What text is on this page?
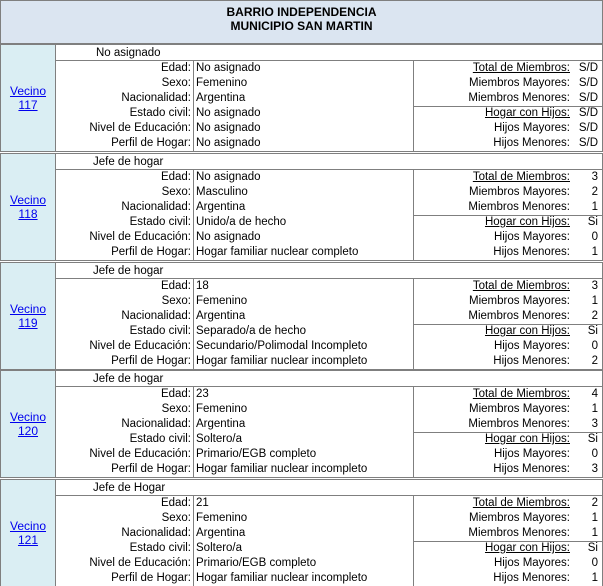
BARRIO INDEPENDENCIA
MUNICIPIO SAN MARTIN
Vecino
117
No asignado
Edad: No asignado
Sexo: Femenino
Nacionalidad: Argentina
Estado civil: No asignado
Nivel de Educación: No asignado
Perfil de Hogar: No asignado
Total de Miembros: S/D
Miembros Mayores: S/D
Miembros Menores: S/D
Hogar con Hijos: S/D
Hijos Mayores: S/D
Hijos Menores: S/D
Vecino
118
Jefe de hogar
Edad: No asignado
Sexo: Masculino
Nacionalidad: Argentina
Estado civil: Unido/a de hecho
Nivel de Educación: No asignado
Perfil de Hogar: Hogar familiar nuclear completo
Total de Miembros: 3
Miembros Mayores: 2
Miembros Menores: 1
Hogar con Hijos: Si
Hijos Mayores: 0
Hijos Menores: 1
Vecino
119
Jefe de hogar
Edad: 18
Sexo: Femenino
Nacionalidad: Argentina
Estado civil: Separado/a de hecho
Nivel de Educación: Secundario/Polimodal Incompleto
Perfil de Hogar: Hogar familiar nuclear incompleto
Total de Miembros: 3
Miembros Mayores: 1
Miembros Menores: 2
Hogar con Hijos: Si
Hijos Mayores: 0
Hijos Menores: 2
Vecino
120
Jefe de hogar
Edad: 23
Sexo: Femenino
Nacionalidad: Argentina
Estado civil: Soltero/a
Nivel de Educación: Primario/EGB completo
Perfil de Hogar: Hogar familiar nuclear incompleto
Total de Miembros: 4
Miembros Mayores: 1
Miembros Menores: 3
Hogar con Hijos: Si
Hijos Mayores: 0
Hijos Menores: 3
Vecino
121
Jefe de Hogar
Edad: 21
Sexo: Femenino
Nacionalidad: Argentina
Estado civil: Soltero/a
Nivel de Educación: Primario/EGB completo
Perfil de Hogar: Hogar familiar nuclear incompleto
Total de Miembros: 2
Miembros Mayores: 1
Miembros Menores: 1
Hogar con Hijos: Si
Hijos Mayores: 0
Hijos Menores: 1
